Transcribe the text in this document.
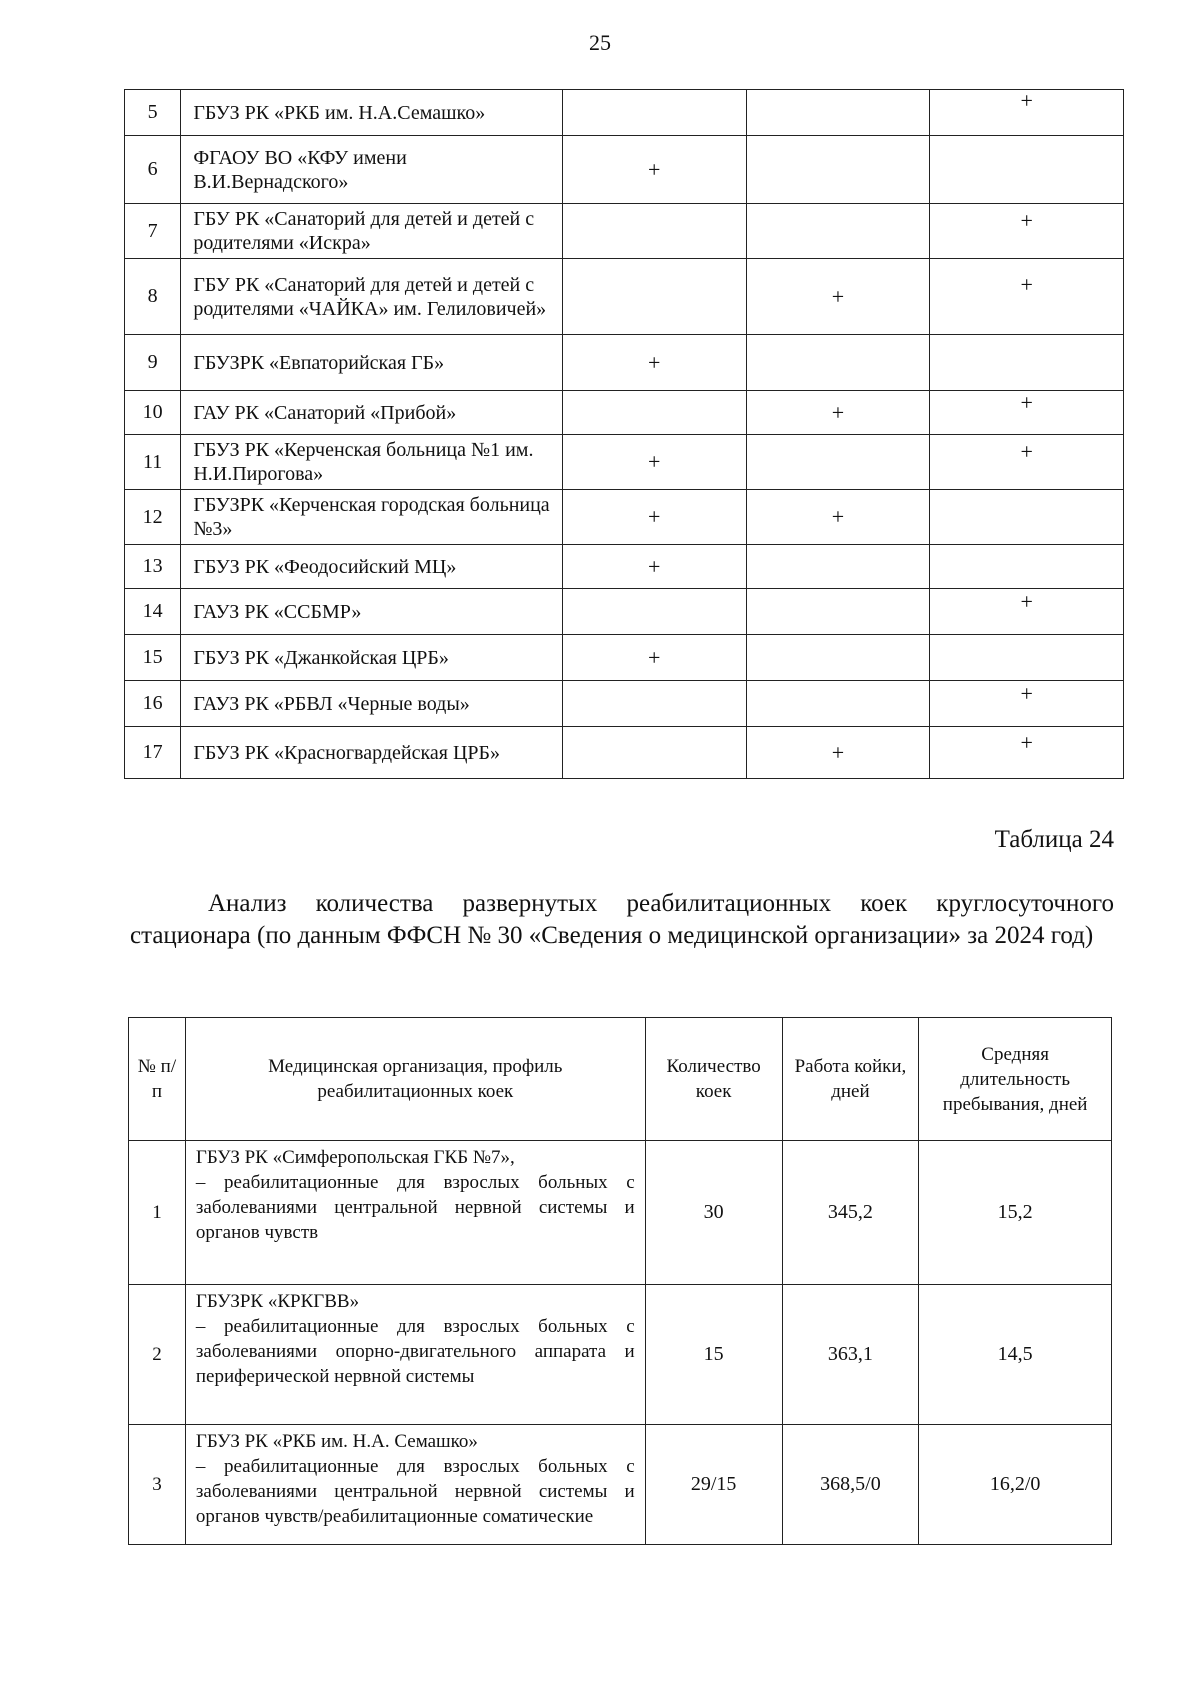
25
5	ГБУЗ РК «РКБ им. Н.А.Семашко»			+
6	ФГАОУ ВО «КФУ имени В.И.Вернадского»	+		
7	ГБУ РК «Санаторий для детей и детей с родителями «Искра»			+
8	ГБУ РК «Санаторий для детей и детей с родителями «ЧАЙКА» им. Гелиловичей»		+	+
9	ГБУЗРК «Евпаторийская ГБ»	+		
10	ГАУ РК «Санаторий «Прибой»		+	+
11	ГБУЗ РК «Керченская больница №1 им. Н.И.Пирогова»	+		+
12	ГБУЗРК «Керченская городская больница №3»	+	+	
13	ГБУЗ РК «Феодосийский МЦ»	+		
14	ГАУЗ РК «ССБМР»			+
15	ГБУЗ РК «Джанкойская ЦРБ»	+		
16	ГАУЗ РК «РБВЛ «Черные воды»			+
17	ГБУЗ РК «Красногвардейская ЦРБ»		+	+
Таблица 24
Анализ количества развернутых реабилитационных коек круглосуточного стационара (по данным ФФСН № 30 «Сведения о медицинской организации» за 2024 год)
№ п/п	Медицинская организация, профиль реабилитационных коек	Количество коек	Работа койки, дней	Средняя длительность пребывания, дней
1	ГБУЗ РК «Симферопольская ГКБ №7»,
– реабилитационные для взрослых больных с заболеваниями центральной нервной системы и органов чувств	30	345,2	15,2
2	ГБУЗРК «КРКГВВ»
– реабилитационные для взрослых больных с заболеваниями опорно-двигательного аппарата и периферической нервной системы	15	363,1	14,5
3	ГБУЗ РК «РКБ им. Н.А. Семашко»
– реабилитационные для взрослых больных с заболеваниями центральной нервной системы и органов чувств/реабилитационные соматические	29/15	368,5/0	16,2/0
